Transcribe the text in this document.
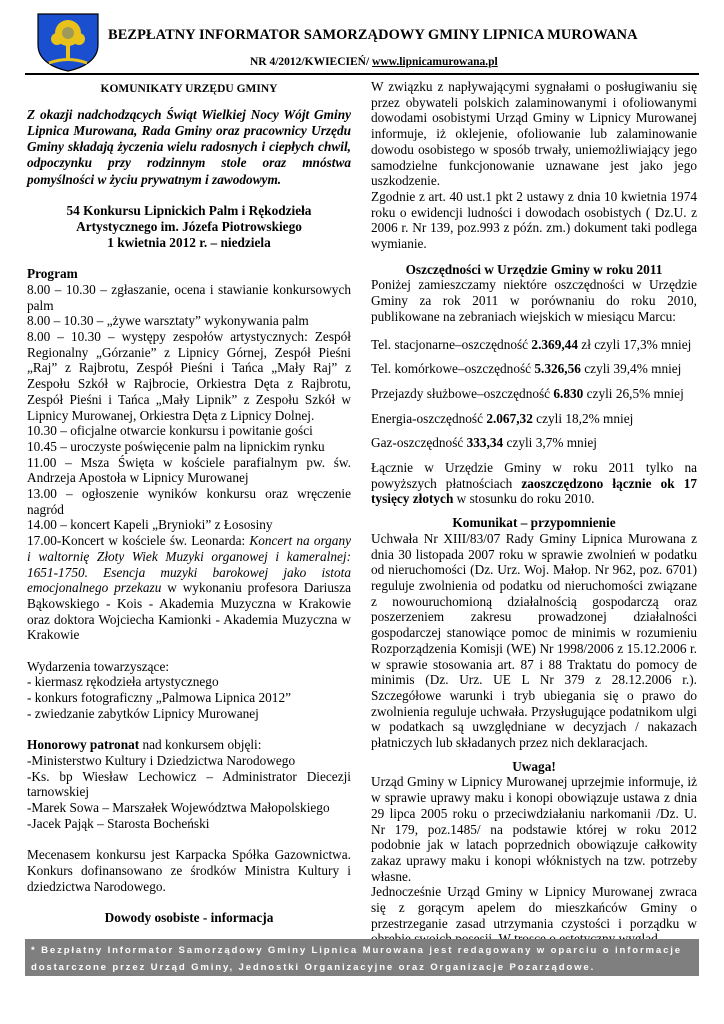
BEZPŁATNY INFORMATOR SAMORZĄDOWY GMINY LIPNICA MUROWANA
NR 4/2012/KWIECIEŃ/ www.lipnicamurowana.pl

KOMUNIKATY URZĘDU GMINY

Z okazji nadchodzących Świąt Wielkiej Nocy Wójt Gminy Lipnica Murowana, Rada Gminy oraz pracownicy Urzędu Gminy składają życzenia wielu radosnych i ciepłych chwil, odpoczynku przy rodzinnym stole oraz mnóstwa pomyślności w życiu prywatnym i zawodowym.

54 Konkursu Lipnickich Palm i Rękodzieła

Artystycznego im. Józefa Piotrowskiego

1 kwietnia 2012 r. – niedziela

Program

8.00 – 10.30 – zgłaszanie, ocena i stawianie konkursowych palm

8.00 – 10.30 – „żywe warsztaty” wykonywania palm

8.00 – 10.30 – występy zespołów artystycznych: Zespół Regionalny „Górzanie” z Lipnicy Górnej, Zespół Pieśni „Raj” z Rajbrotu, Zespół Pieśni i Tańca „Mały Raj” z Zespołu Szkół w Rajbrocie, Orkiestra Dęta z Rajbrotu, Zespół Pieśni i Tańca „Mały Lipnik” z Zespołu Szkół w Lipnicy Murowanej, Orkiestra Dęta z Lipnicy Dolnej.

10.30 – oficjalne otwarcie konkursu i powitanie gości

10.45 – uroczyste poświęcenie palm na lipnickim rynku

11.00 – Msza Święta w kościele parafialnym pw. św. Andrzeja Apostoła w Lipnicy Murowanej

13.00 – ogłoszenie wyników konkursu oraz wręczenie nagród

14.00 – koncert Kapeli „Brynioki” z Łososiny

17.00-Koncert w kościele św. Leonarda: Koncert na organy i waltornię Złoty Wiek Muzyki organowej i kameralnej: 1651-1750. Esencja muzyki barokowej jako istota emocjonalnego przekazu w wykonaniu profesora Dariusza Bąkowskiego - Kois - Akademia Muzyczna w Krakowie oraz doktora Wojciecha Kamionki - Akademia Muzyczna w Krakowie

Wydarzenia towarzyszące:

- kiermasz rękodzieła artystycznego

- konkurs fotograficzny „Palmowa Lipnica 2012”

- zwiedzanie zabytków Lipnicy Murowanej

Honorowy patronat nad konkursem objęli:

-Ministerstwo Kultury i Dziedzictwa Narodowego

-Ks. bp Wiesław Lechowicz – Administrator Diecezji tarnowskiej

-Marek Sowa – Marszałek Województwa Małopolskiego

-Jacek Pająk – Starosta Bocheński

Mecenasem konkursu jest Karpacka Spółka Gazownictwa. Konkurs dofinansowano ze środków Ministra Kultury i dziedzictwa Narodowego.

Dowody osobiste - informacja

W związku z napływającymi sygnałami o posługiwaniu się przez obywateli polskich zalaminowanymi i ofoliowanymi dowodami osobistymi Urząd Gminy w Lipnicy Murowanej informuje, iż oklejenie, ofoliowanie lub zalaminowanie dowodu osobistego w sposób trwały, uniemożliwiający jego samodzielne funkcjonowanie uznawane jest jako jego uszkodzenie.

Zgodnie z art. 40 ust.1 pkt 2 ustawy z dnia 10 kwietnia 1974 roku o ewidencji ludności i dowodach osobistych ( Dz.U. z 2006 r. Nr 139, poz.993 z późn. zm.) dokument taki podlega wymianie.

Oszczędności w Urzędzie Gminy w roku 2011

Poniżej zamieszczamy niektóre oszczędności w Urzędzie Gminy za rok 2011 w porównaniu do roku 2010, publikowane na zebraniach wiejskich w miesiącu Marcu:

Tel. stacjonarne–oszczędność 2.369,44 zł czyli 17,3% mniej

Tel. komórkowe–oszczędność 5.326,56 czyli 39,4% mniej

Przejazdy służbowe–oszczędność 6.830 czyli 26,5% mniej

Energia-oszczędność 2.067,32 czyli 18,2% mniej

Gaz-oszczędność 333,34 czyli 3,7% mniej

Łącznie w Urzędzie Gminy w roku 2011 tylko na powyższych płatnościach zaoszczędzono łącznie ok 17 tysięcy złotych w stosunku do roku 2010.

Komunikat – przypomnienie

Uchwała Nr XIII/83/07 Rady Gminy Lipnica Murowana z dnia 30 listopada 2007 roku w sprawie zwolnień w podatku od nieruchomości (Dz. Urz. Woj. Małop. Nr 962, poz. 6701) reguluje zwolnienia od podatku od nieruchomości związane z nowouruchomioną działalnością gospodarczą oraz poszerzeniem zakresu prowadzonej działalności gospodarczej stanowiące pomoc de minimis w rozumieniu Rozporządzenia Komisji (WE) Nr 1998/2006 z 15.12.2006 r. w sprawie stosowania art. 87 i 88 Traktatu do pomocy de minimis (Dz. Urz. UE L Nr 379 z 28.12.2006 r.). Szczegółowe warunki i tryb ubiegania się o prawo do zwolnienia reguluje uchwała. Przysługujące podatnikom ulgi w podatkach są uwzględniane w decyzjach / nakazach płatniczych lub składanych przez nich deklaracjach.

Uwaga!

Urząd Gminy w Lipnicy Murowanej uprzejmie informuje, iż w sprawie uprawy maku i konopi obowiązuje ustawa z dnia 29 lipca 2005 roku o przeciwdziałaniu narkomanii /Dz. U. Nr 179, poz.1485/ na podstawie której w roku 2012 podobnie jak w latach poprzednich obowiązuje całkowity zakaz uprawy maku i konopi włóknistych na tzw. potrzeby własne.

Jednocześnie Urząd Gminy w Lipnicy Murowanej zwraca się z gorącym apelem do mieszkańców Gminy o przestrzeganie zasad utrzymania czystości i porządku w

* Bezpłatny Informator Samorządowy Gminy Lipnica Murowana jest redagowany w oparciu o informacje
dostarczone przez Urząd Gminy, Jednostki Organizacyjne oraz Organizacje Pozarządowe.
